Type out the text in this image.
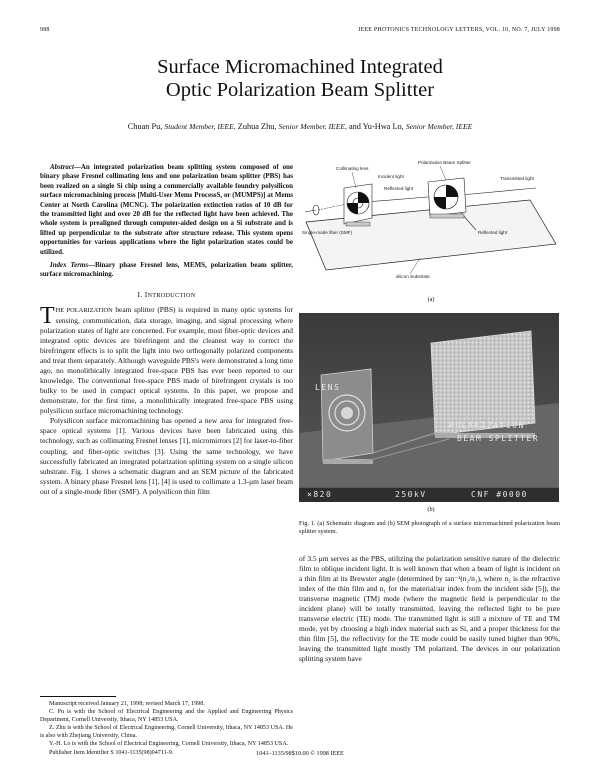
988	IEEE PHOTONICS TECHNOLOGY LETTERS, VOL. 10, NO. 7, JULY 1998
Surface Micromachined Integrated
Optic Polarization Beam Splitter
Chuan Pu, Student Member, IEEE, Zuhua Zhu, Senior Member, IEEE, and Yu-Hwa Lo, Senior Member, IEEE

Abstract—An integrated polarization beam splitting system composed of one binary phase Fresnel collimating lens and one polarization beam splitter (PBS) has been realized on a single Si chip using a commercially available foundry polysilicon surface micromachining process [Multi-User Mems ProcessS, or (MUMPS)] at Mems Center at North Carolina (MCNC). The polarization extinction ratios of 10 dB for the transmitted light and over 20 dB for the reflected light have been achieved. The whole system is prealigned through computer-aided design on a Si substrate and is lifted up perpendicular to the substrate after structure release. This system opens opportunities for various applications where the light polarization states could be utilized.

Index Terms—Binary phase Fresnel lens, MEMS, polarization beam splitter, surface micromachining.

I. INTRODUCTION

THE POLARIZATION beam splitter (PBS) is required in many optic systems for sensing, communication, data storage, imaging, and signal processing where polarization states of light are concerned. For example, most fiber-optic devices and integrated optic devices are birefringent and the cleanest way to correct the birefringent effects is to split the light into two orthogonally polarized components and treat them separately. Although waveguide PBS's were demonstrated a long time ago, no monolithically integrated free-space PBS has ever been reported to our knowledge. The conventional free-space PBS made of birefringent crystals is too bulky to be used in compact optical systems. In this paper, we propose and demonstrate, for the first time, a monolithically integrated free-space PBS using polysilicon surface micromachining technology.

Polysilicon surface micromachining has opened a new area for integrated free-space optical systems [1]. Various devices have been fabricated using this technology, such as collimating Fresnel lenses [1], micromirrors [2] for laser-to-fiber coupling, and fiber-optic switches [3]. Using the same technology, we have successfully fabricated an integrated polarization splitting system on a single silicon substrate. Fig. 1 shows a schematic diagram and an SEM picture of the fabricated system. A binary phase Fresnel lens [1], [4] is used to collimate a 1.3-μm laser beam out of a single-mode fiber (SMF). A polysilicon thin film

Manuscript received January 21, 1998; revised March 17, 1998.

C. Pu is with the School of Electrical Engineering and the Applied and Engineering Physics Department, Cornell University, Ithaca, NY 14853 USA.

Z. Zhu is with the School of Electrical Engineering, Cornell University, Ithaca, NY 14853 USA. He is also with Zhejiang University, China.

Y.-H. Lo is with the School of Electrical Engineering, Cornell University, Ithaca, NY 14853 USA.

Publisher Item Identifier S 1041-1135(98)04711-9.

Collimating lens
Polarization Beam Splitter
Incident light
Reflected light
Transmitted light
Reflected light
Single-mode fiber (SMF)
silicon Substrate
(a)
LENS
POLARIZATION
BEAM SPLITTER
×820	250kV	CNF #0000
(b)
Fig. 1. (a) Schematic diagram and (b) SEM photograph of a surface micromachined polarization beam splitter system.

of 3.5 μm serves as the PBS, utilizing the polarization sensitive nature of the dielectric film to oblique incident light. It is well known that when a beam of light is incident on a thin film at its Brewster angle (determined by tan⁻¹(n₂/n₁), where n₂ is the refractive index of the thin film and n₁ for the material/air index from the incident side [5]), the transverse magnetic (TM) mode (where the magnetic field is perpendicular to the incident plane) will be totally transmitted, leaving the reflected light to be pure transverse electric (TE) mode. The transmitted light is still a mixture of TE and TM mode, yet by choosing a high index material such as Si, and a proper thickness for the thin film [5], the reflectivity for the TE mode could be easily tuned higher than 90%, leaving the transmitted light mostly TM polarized. The devices in our polarization splitting system have

1041–1135/98$10.00 © 1998 IEEE
